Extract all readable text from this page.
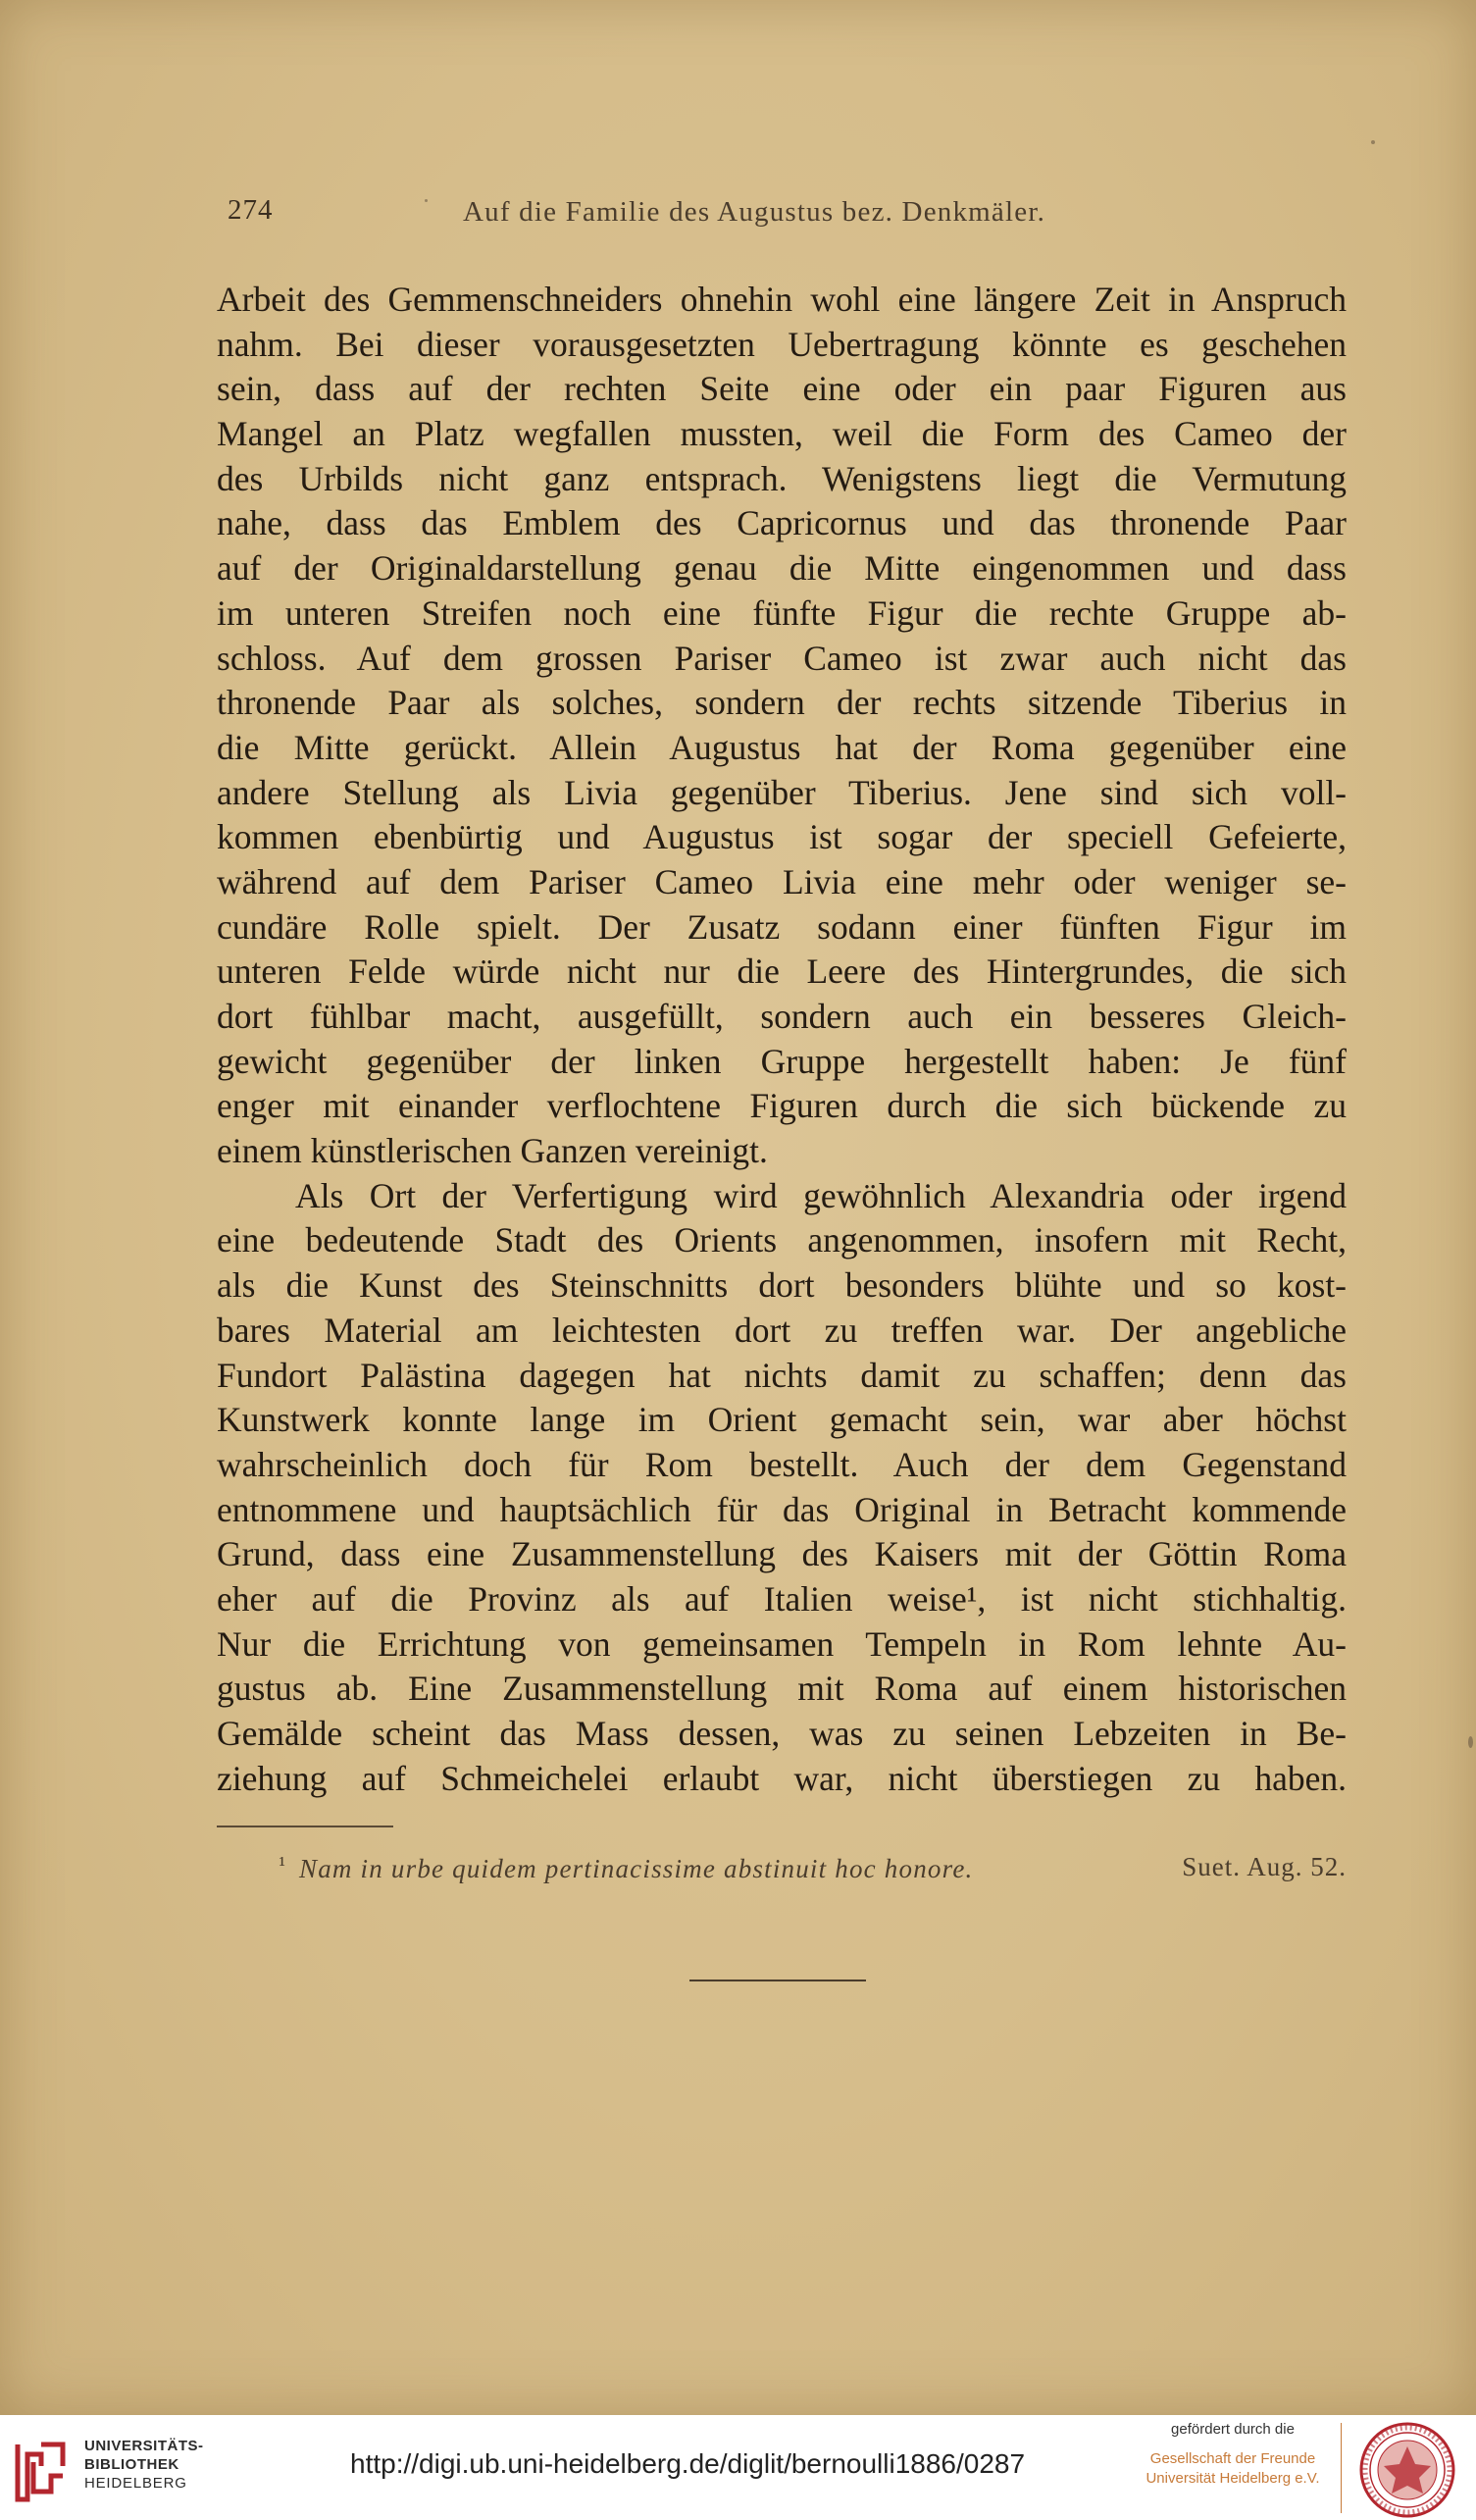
274	Auf die Familie des Augustus bez. Denkmäler.
Arbeit des Gemmenschneiders ohnehin wohl eine längere Zeit in Anspruch
nahm. Bei dieser vorausgesetzten Uebertragung könnte es geschehen
sein, dass auf der rechten Seite eine oder ein paar Figuren aus
Mangel an Platz wegfallen mussten, weil die Form des Cameo der
des Urbilds nicht ganz entsprach. Wenigstens liegt die Vermutung
nahe, dass das Emblem des Capricornus und das thronende Paar
auf der Originaldarstellung genau die Mitte eingenommen und dass
im unteren Streifen noch eine fünfte Figur die rechte Gruppe ab-
schloss. Auf dem grossen Pariser Cameo ist zwar auch nicht das
thronende Paar als solches, sondern der rechts sitzende Tiberius in
die Mitte gerückt. Allein Augustus hat der Roma gegenüber eine
andere Stellung als Livia gegenüber Tiberius. Jene sind sich voll-
kommen ebenbürtig und Augustus ist sogar der speciell Gefeierte,
während auf dem Pariser Cameo Livia eine mehr oder weniger se-
cundäre Rolle spielt. Der Zusatz sodann einer fünften Figur im
unteren Felde würde nicht nur die Leere des Hintergrundes, die sich
dort fühlbar macht, ausgefüllt, sondern auch ein besseres Gleich-
gewicht gegenüber der linken Gruppe hergestellt haben: Je fünf
enger mit einander verflochtene Figuren durch die sich bückende zu
einem künstlerischen Ganzen vereinigt.
Als Ort der Verfertigung wird gewöhnlich Alexandria oder irgend
eine bedeutende Stadt des Orients angenommen, insofern mit Recht,
als die Kunst des Steinschnitts dort besonders blühte und so kost-
bares Material am leichtesten dort zu treffen war. Der angebliche
Fundort Palästina dagegen hat nichts damit zu schaffen; denn das
Kunstwerk konnte lange im Orient gemacht sein, war aber höchst
wahrscheinlich doch für Rom bestellt. Auch der dem Gegenstand
entnommene und hauptsächlich für das Original in Betracht kommende
Grund, dass eine Zusammenstellung des Kaisers mit der Göttin Roma
eher auf die Provinz als auf Italien weise¹, ist nicht stichhaltig.
Nur die Errichtung von gemeinsamen Tempeln in Rom lehnte Au-
gustus ab. Eine Zusammenstellung mit Roma auf einem historischen
Gemälde scheint das Mass dessen, was zu seinen Lebzeiten in Be-
ziehung auf Schmeichelei erlaubt war, nicht überstiegen zu haben.
¹ Nam in urbe quidem pertinacissime abstinuit hoc honore.	Suet. Aug. 52.
UNIVERSITÄTS-
BIBLIOTHEK
HEIDELBERG
http://digi.ub.uni-heidelberg.de/diglit/bernoulli1886/0287
gefördert durch die
Gesellschaft der Freunde
Universität Heidelberg e.V.
